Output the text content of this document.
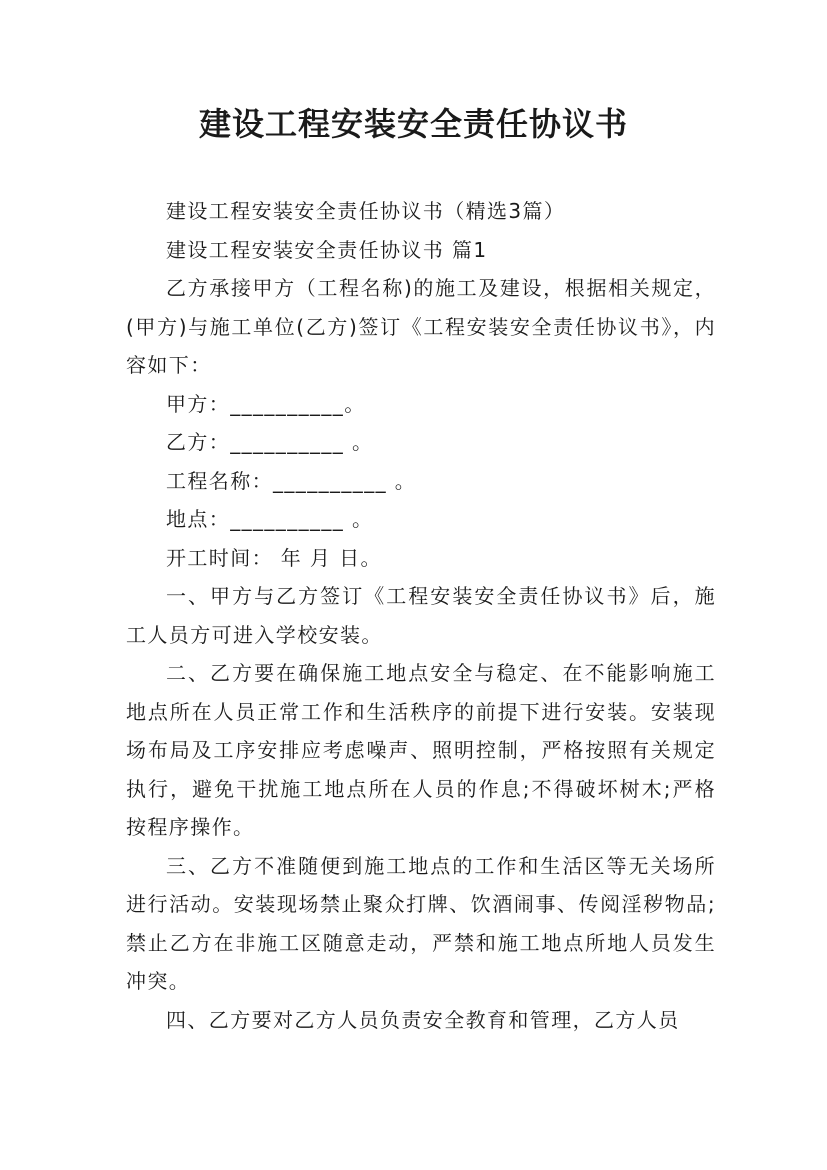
建设工程安装安全责任协议书

建设工程安装安全责任协议书（精选3篇）

建设工程安装安全责任协议书 篇1

乙方承接甲方（工程名称)的施工及建设，根据相关规定，(甲方)与施工单位(乙方)签订《工程安装安全责任协议书》，内容如下：

甲方：__________。

乙方：__________ 。

工程名称：__________ 。

地点：__________ 。

开工时间： 年 月 日。

一、甲方与乙方签订《工程安装安全责任协议书》后，施工人员方可进入学校安装。

二、乙方要在确保施工地点安全与稳定、在不能影响施工地点所在人员正常工作和生活秩序的前提下进行安装。安装现场布局及工序安排应考虑噪声、照明控制，严格按照有关规定执行，避免干扰施工地点所在人员的作息;不得破坏树木;严格按程序操作。

三、乙方不准随便到施工地点的工作和生活区等无关场所进行活动。安装现场禁止聚众打牌、饮酒闹事、传阅淫秽物品;禁止乙方在非施工区随意走动，严禁和施工地点所地人员发生冲突。

四、乙方要对乙方人员负责安全教育和管理，乙方人员
